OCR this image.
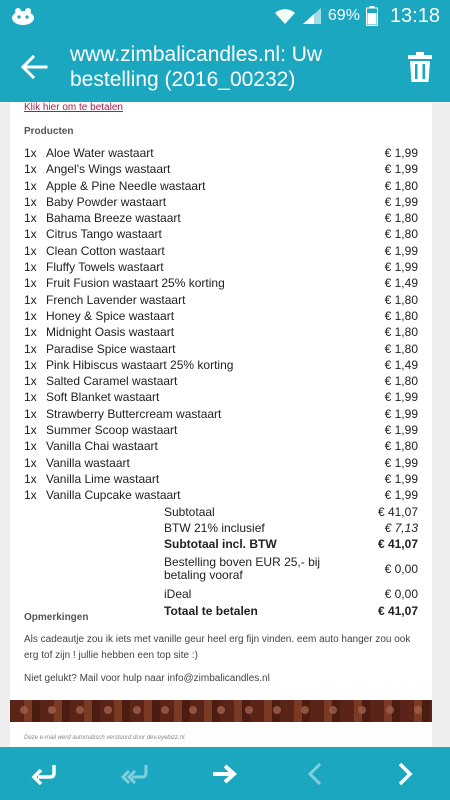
69% 13:18
www.zimbalicandles.nl: Uw bestelling (2016_00232)
Klik hier om te betalen
Producten
1x	Aloe Water wastaart		€ 1,99
1x	Angel's Wings wastaart		€ 1,99
1x	Apple & Pine Needle wastaart		€ 1,80
1x	Baby Powder wastaart		€ 1,99
1x	Bahama Breeze wastaart		€ 1,80
1x	Citrus Tango wastaart		€ 1,80
1x	Clean Cotton wastaart		€ 1,99
1x	Fluffy Towels wastaart		€ 1,99
1x	Fruit Fusion wastaart 25% korting		€ 1,49
1x	French Lavender wastaart		€ 1,80
1x	Honey & Spice wastaart		€ 1,80
1x	Midnight Oasis wastaart		€ 1,80
1x	Paradise Spice wastaart		€ 1,80
1x	Pink Hibiscus wastaart 25% korting		€ 1,49
1x	Salted Caramel wastaart		€ 1,80
1x	Soft Blanket wastaart		€ 1,99
1x	Strawberry Buttercream wastaart		€ 1,99
1x	Summer Scoop wastaart		€ 1,99
1x	Vanilla Chai wastaart		€ 1,80
1x	Vanilla wastaart		€ 1,99
1x	Vanilla Lime wastaart		€ 1,99
1x	Vanilla Cupcake wastaart		€ 1,99
		Subtotaal	€ 41,07
		BTW 21% inclusief	€ 7,13
		Subtotaal incl. BTW	€ 41,07
		Bestelling boven EUR 25,- bij betaling vooraf	€ 0,00
		iDeal	€ 0,00
		Totaal te betalen	€ 41,07
Opmerkingen
Als cadeautje zou ik iets met vanille geur heel erg fijn vinden. eem auto hanger zou ook erg tof zijn ! jullie hebben een top site :)
Niet gelukt? Mail voor hulp naar info@zimbalicandles.nl
Deze e-mail werd automatisch verstuurd door dev.eyebizz.nl.
